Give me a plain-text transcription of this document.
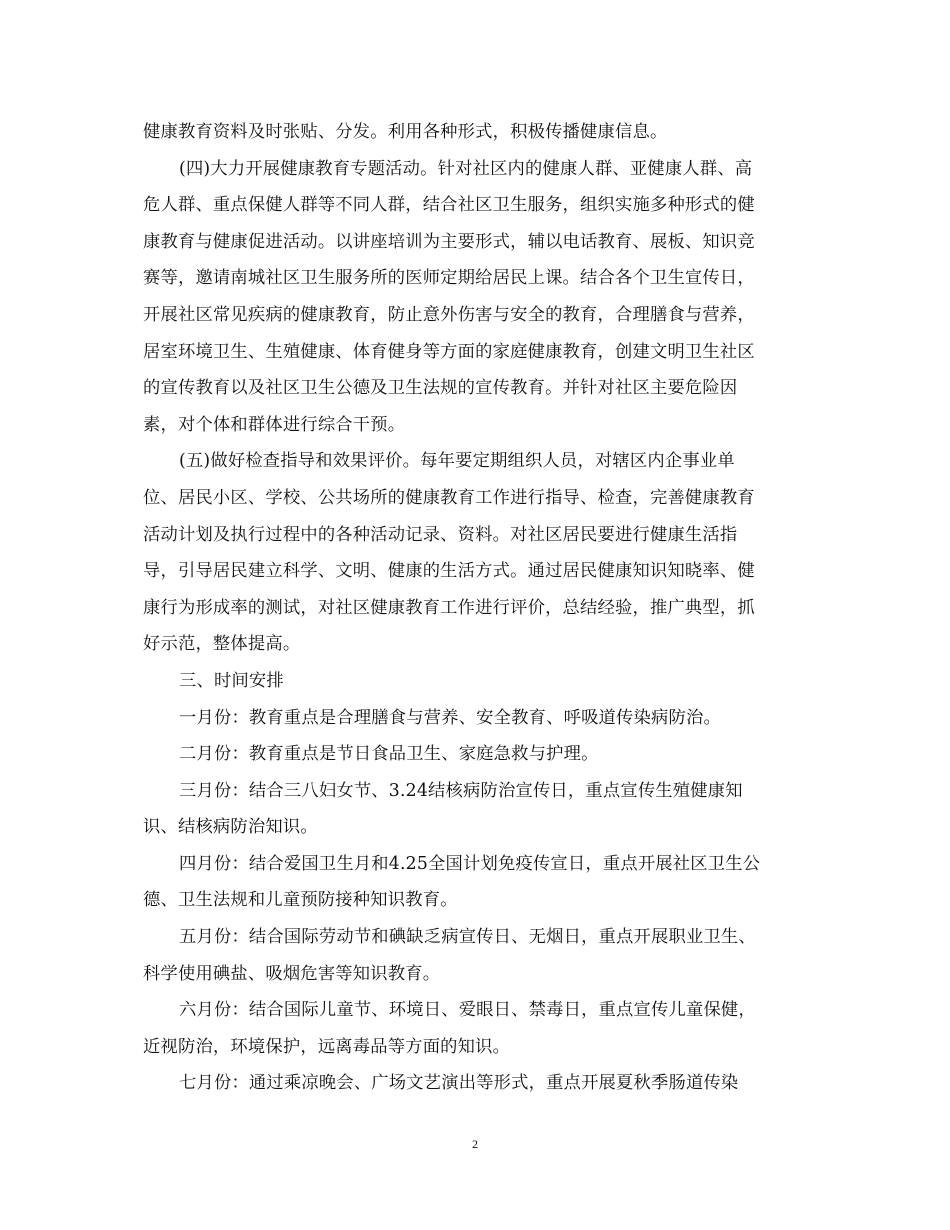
健康教育资料及时张贴、分发。利用各种形式，积极传播健康信息。
(四)大力开展健康教育专题活动。针对社区内的健康人群、亚健康人群、高
危人群、重点保健人群等不同人群，结合社区卫生服务，组织实施多种形式的健
康教育与健康促进活动。以讲座培训为主要形式，辅以电话教育、展板、知识竞
赛等，邀请南城社区卫生服务所的医师定期给居民上课。结合各个卫生宣传日，
开展社区常见疾病的健康教育，防止意外伤害与安全的教育，合理膳食与营养，
居室环境卫生、生殖健康、体育健身等方面的家庭健康教育，创建文明卫生社区
的宣传教育以及社区卫生公德及卫生法规的宣传教育。并针对社区主要危险因
素，对个体和群体进行综合干预。
(五)做好检查指导和效果评价。每年要定期组织人员，对辖区内企事业单
位、居民小区、学校、公共场所的健康教育工作进行指导、检查，完善健康教育
活动计划及执行过程中的各种活动记录、资料。对社区居民要进行健康生活指
导，引导居民建立科学、文明、健康的生活方式。通过居民健康知识知晓率、健
康行为形成率的测试，对社区健康教育工作进行评价，总结经验，推广典型，抓
好示范，整体提高。
三、时间安排
一月份：教育重点是合理膳食与营养、安全教育、呼吸道传染病防治。
二月份：教育重点是节日食品卫生、家庭急救与护理。
三月份：结合三八妇女节、3.24结核病防治宣传日，重点宣传生殖健康知
识、结核病防治知识。
四月份：结合爱国卫生月和4.25全国计划免疫传宣日，重点开展社区卫生公
德、卫生法规和儿童预防接种知识教育。
五月份：结合国际劳动节和碘缺乏病宣传日、无烟日，重点开展职业卫生、
科学使用碘盐、吸烟危害等知识教育。
六月份：结合国际儿童节、环境日、爱眼日、禁毒日，重点宣传儿童保健，
近视防治，环境保护，远离毒品等方面的知识。
七月份：通过乘凉晚会、广场文艺演出等形式，重点开展夏秋季肠道传染
2
